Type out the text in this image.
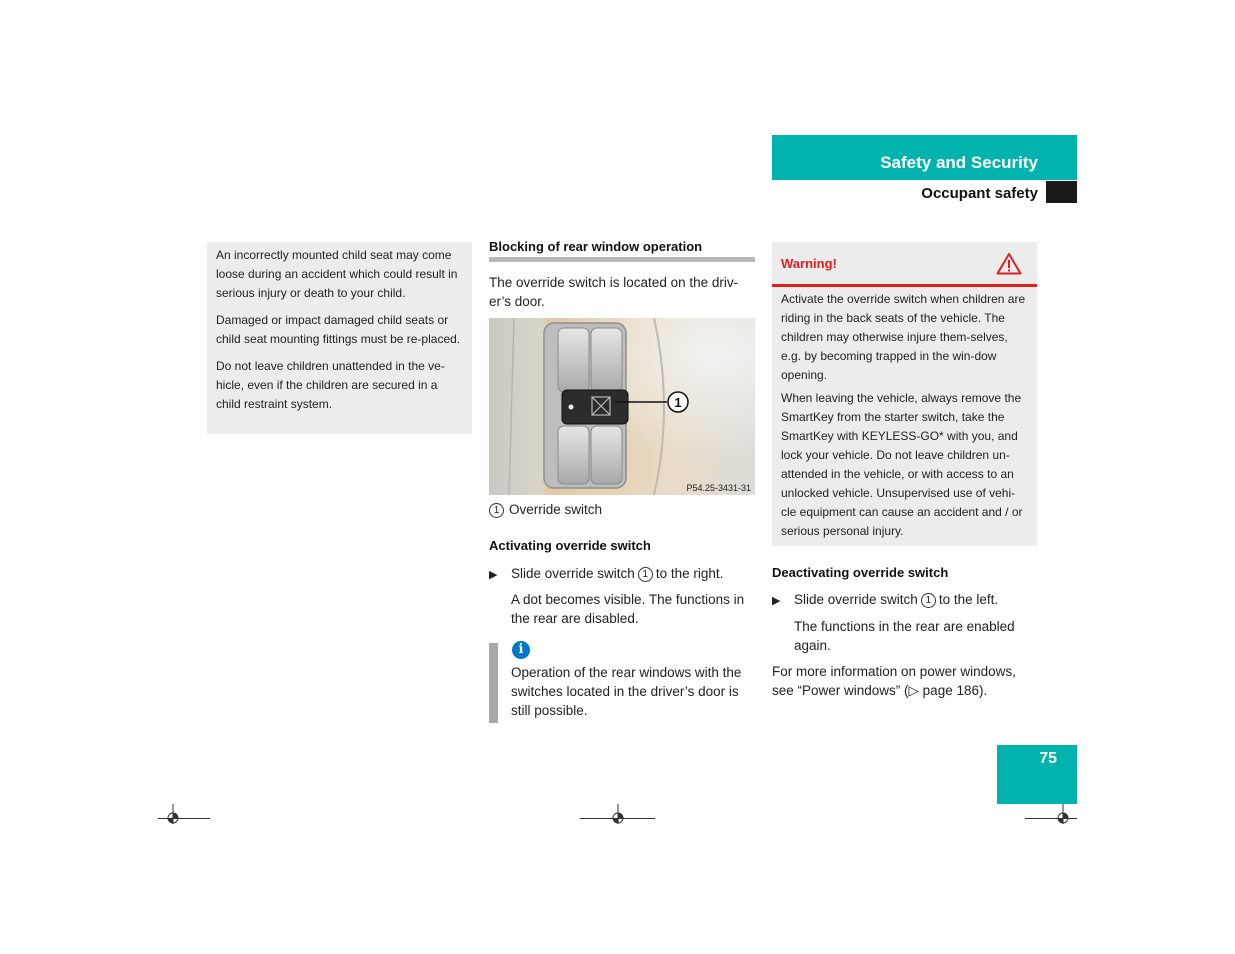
Safety and Security
Occupant safety

An incorrectly mounted child seat may come loose during an accident which could result in serious injury or death to your child.

Damaged or impact damaged child seats or child seat mounting fittings must be re-placed.

Do not leave children unattended in the ve-hicle, even if the children are secured in a child restraint system.

Blocking of rear window operation
The override switch is located on the driv-er’s door.
1
P54.25-3431-31
1 Override switch
Activating override switch
▶ Slide override switch 1 to the right.
A dot becomes visible. The functions in the rear are disabled.
i
Operation of the rear windows with the switches located in the driver’s door is still possible.
Warning!

Activate the override switch when children are riding in the back seats of the vehicle. The children may otherwise injure them-selves, e.g. by becoming trapped in the win-dow opening.

When leaving the vehicle, always remove the SmartKey from the starter switch, take the SmartKey with KEYLESS-GO* with you, and lock your vehicle. Do not leave children un-attended in the vehicle, or with access to an unlocked vehicle. Unsupervised use of vehi-cle equipment can cause an accident and / or serious personal injury.

Deactivating override switch
▶ Slide override switch 1 to the left.
The functions in the rear are enabled again.
For more information on power windows, see “Power windows” (▷ page 186).
75
